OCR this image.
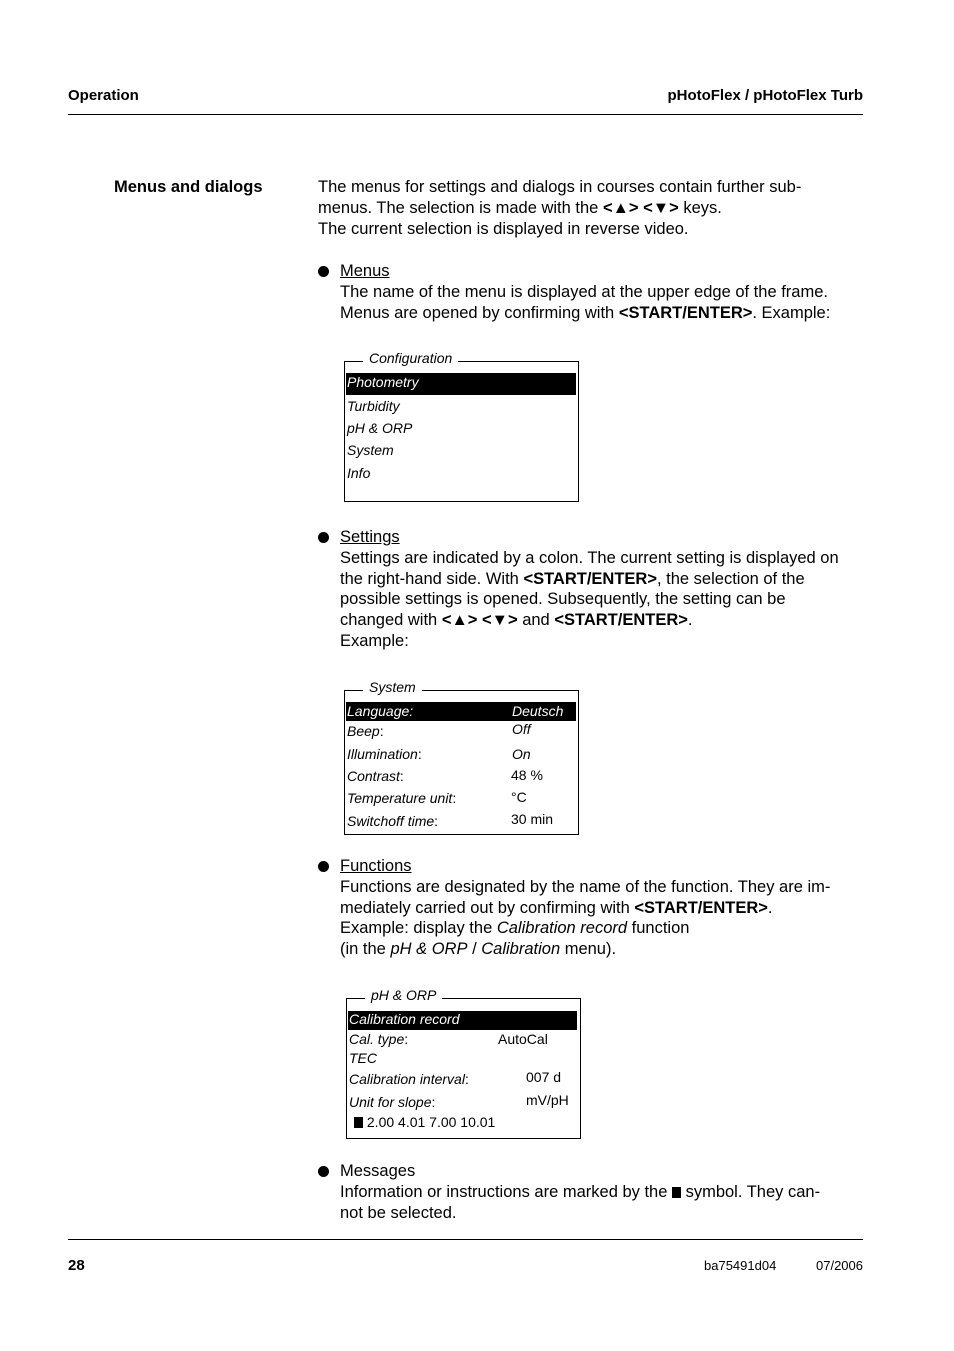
Operation	pHotoFlex / pHotoFlex Turb
Menus and dialogs	The menus for settings and dialogs in courses contain further sub-

menus. The selection is made with the <▲> <▼> keys.

The current selection is displayed in reverse video.

Menus

The name of the menu is displayed at the upper edge of the frame.

Menus are opened by confirming with <START/ENTER>. Example:

Configuration
Photometry
Turbidity
pH & ORP
System
Info

Settings

Settings are indicated by a colon. The current setting is displayed on

the right-hand side. With <START/ENTER>, the selection of the

possible settings is opened. Subsequently, the setting can be

changed with <▲> <▼> and <START/ENTER>.

Example:

System
Language:	Deutsch
Beep:	Off
Illumination:	On
Contrast:	48 %
Temperature unit:	°C
Switchoff time:	30 min

Functions

Functions are designated by the name of the function. They are im-

mediately carried out by confirming with <START/ENTER>.

Example: display the Calibration record function

(in the pH & ORP / Calibration menu).

pH & ORP
Calibration record
Cal. type:	AutoCal
TEC
Calibration interval:	007 d
Unit for slope:	mV/pH
2.00 4.01 7.00 10.01

Messages

Information or instructions are marked by the  symbol. They can-

not be selected.

28	ba75491d04	07/2006
